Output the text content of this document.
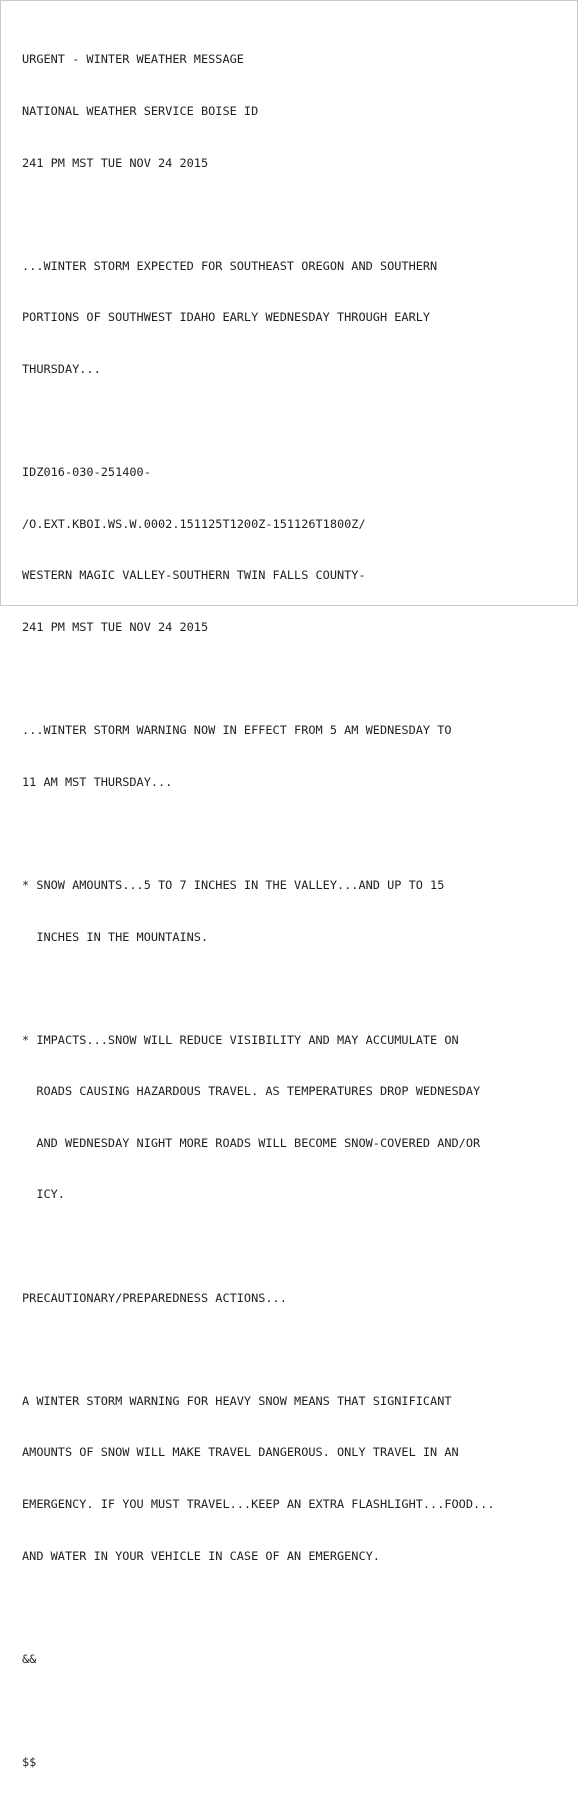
URGENT - WINTER WEATHER MESSAGE

NATIONAL WEATHER SERVICE BOISE ID

241 PM MST TUE NOV 24 2015

...WINTER STORM EXPECTED FOR SOUTHEAST OREGON AND SOUTHERN

PORTIONS OF SOUTHWEST IDAHO EARLY WEDNESDAY THROUGH EARLY

THURSDAY...

IDZ016-030-251400-

/O.EXT.KBOI.WS.W.0002.151125T1200Z-151126T1800Z/

WESTERN MAGIC VALLEY-SOUTHERN TWIN FALLS COUNTY-

241 PM MST TUE NOV 24 2015

...WINTER STORM WARNING NOW IN EFFECT FROM 5 AM WEDNESDAY TO

11 AM MST THURSDAY...

* SNOW AMOUNTS...5 TO 7 INCHES IN THE VALLEY...AND UP TO 15

INCHES IN THE MOUNTAINS.

* IMPACTS...SNOW WILL REDUCE VISIBILITY AND MAY ACCUMULATE ON

ROADS CAUSING HAZARDOUS TRAVEL. AS TEMPERATURES DROP WEDNESDAY

AND WEDNESDAY NIGHT MORE ROADS WILL BECOME SNOW-COVERED AND/OR

ICY.

PRECAUTIONARY/PREPAREDNESS ACTIONS...

A WINTER STORM WARNING FOR HEAVY SNOW MEANS THAT SIGNIFICANT

AMOUNTS OF SNOW WILL MAKE TRAVEL DANGEROUS. ONLY TRAVEL IN AN

EMERGENCY. IF YOU MUST TRAVEL...KEEP AN EXTRA FLASHLIGHT...FOOD...

AND WATER IN YOUR VEHICLE IN CASE OF AN EMERGENCY.

&&

$$
